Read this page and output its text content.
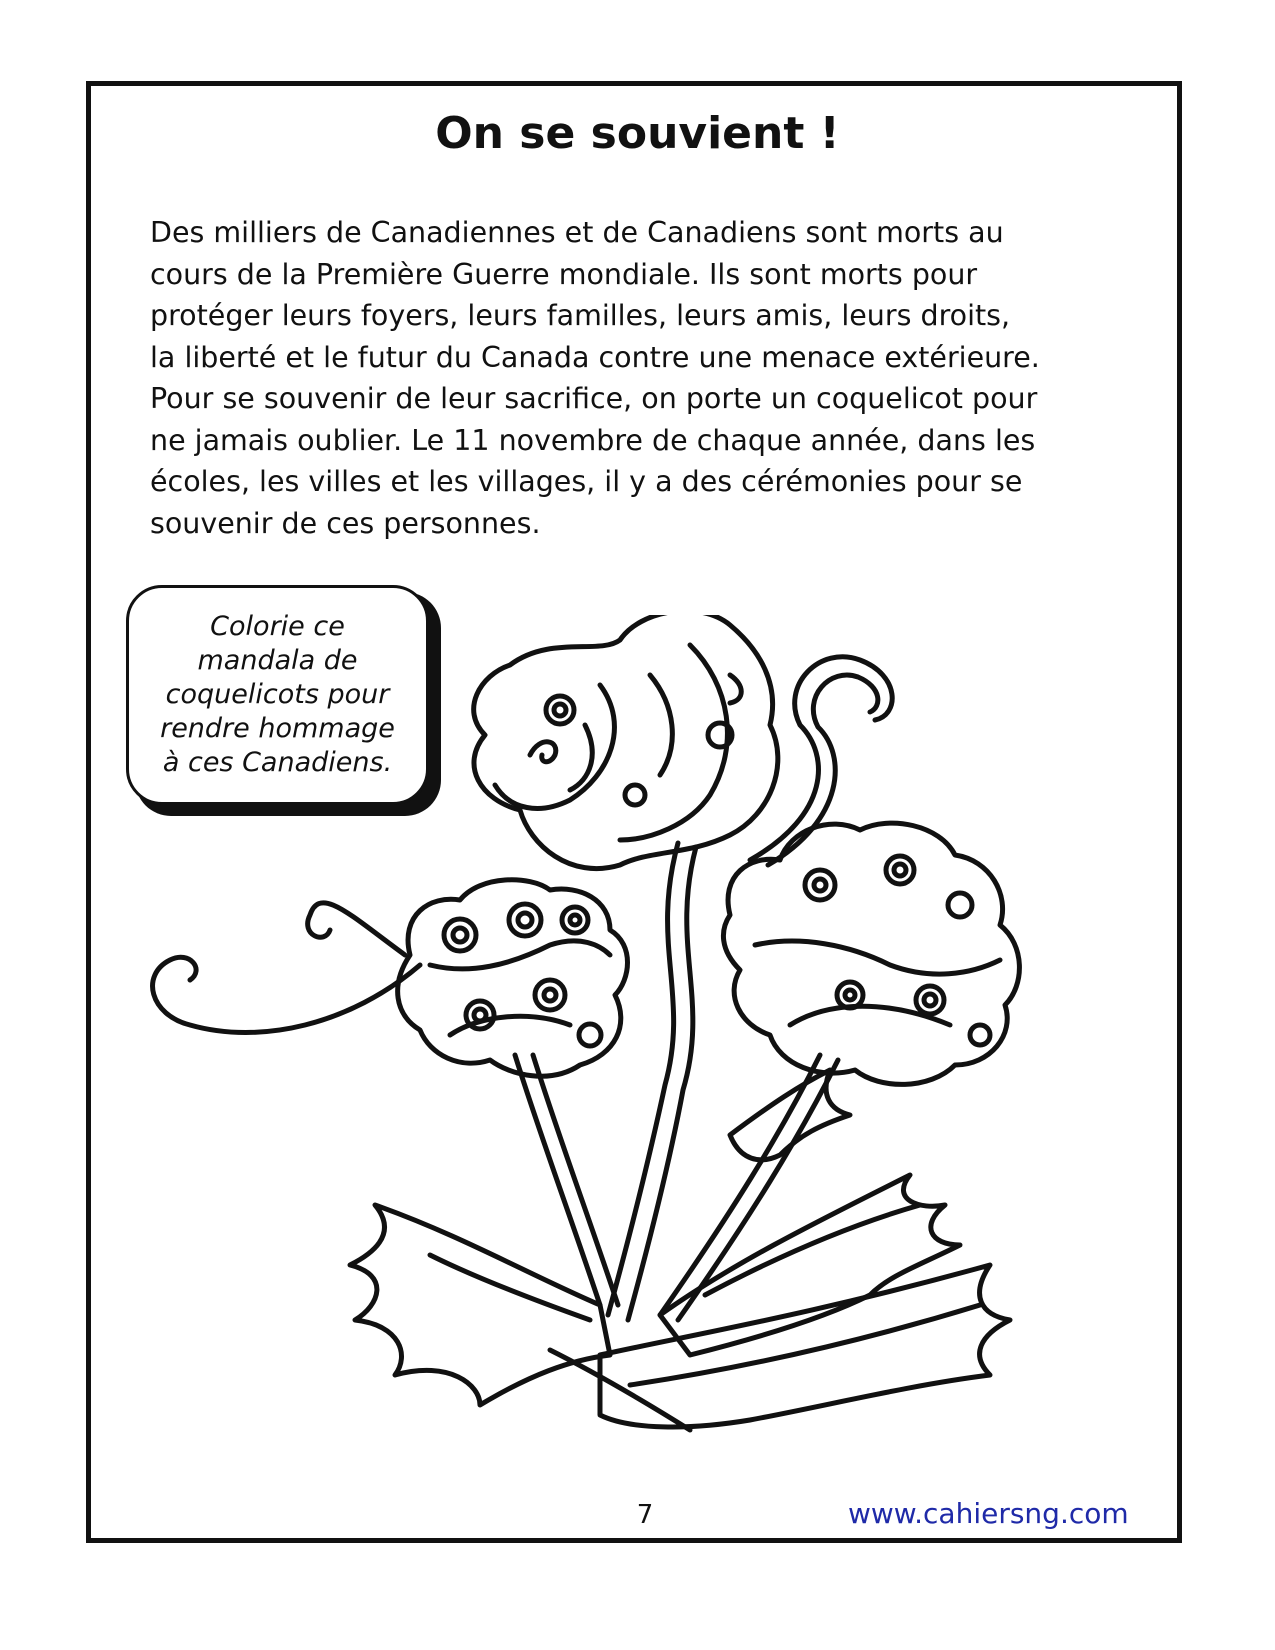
On se souvient !
Des milliers de Canadiennes et de Canadiens sont morts au
cours de la Première Guerre mondiale. Ils sont morts pour
protéger leurs foyers, leurs familles, leurs amis, leurs droits,
la liberté et le futur du Canada contre une menace extérieure.
Pour se souvenir de leur sacrifice, on porte un coquelicot pour
ne jamais oublier. Le 11 novembre de chaque année, dans les
écoles, les villes et les villages, il y a des cérémonies pour se
souvenir de ces personnes.
Colorie ce
mandala de
coquelicots pour
rendre hommage
à ces Canadiens.
7	www.cahiersng.com
